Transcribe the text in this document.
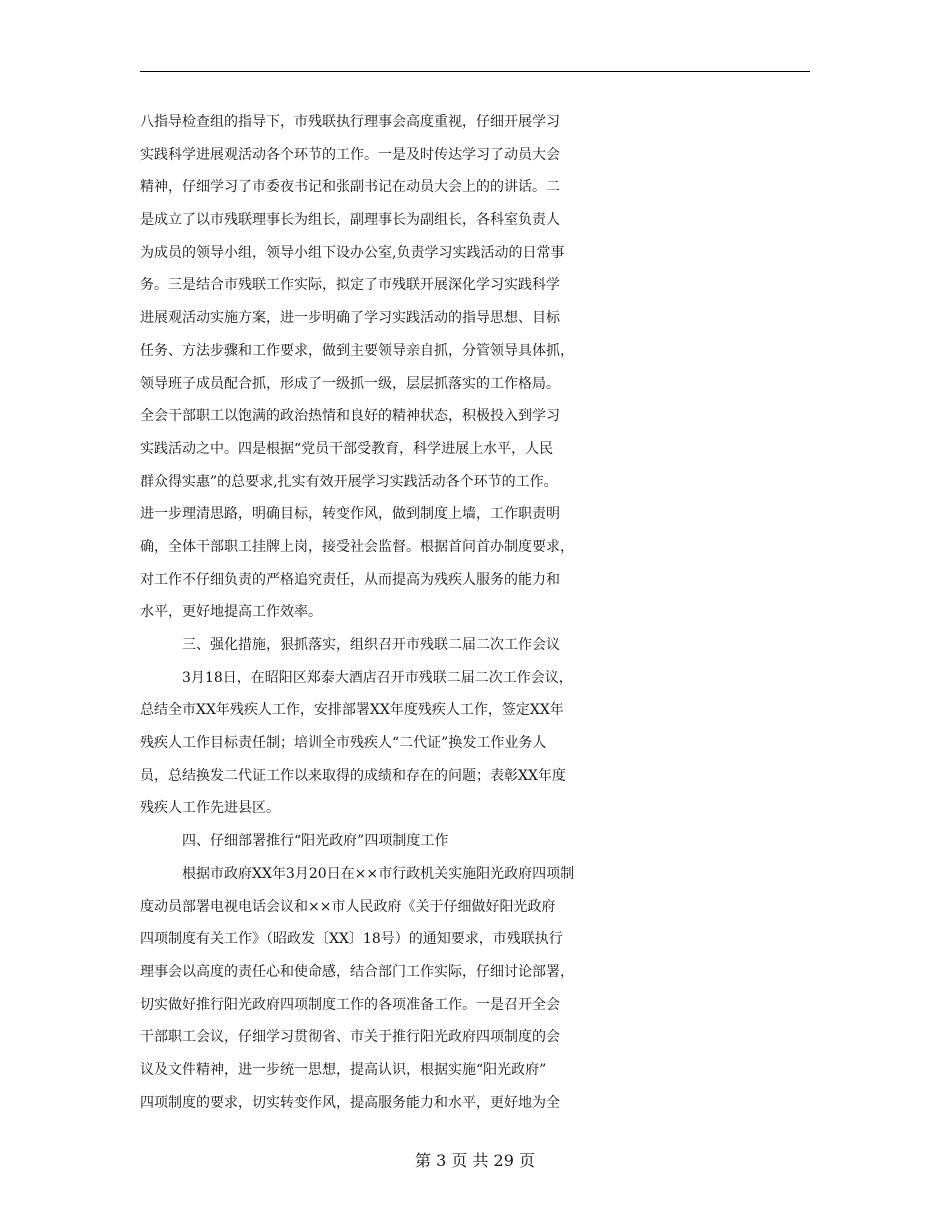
八指导检查组的指导下，市残联执行理事会高度重视，仔细开展学习
实践科学进展观活动各个环节的工作。一是及时传达学习了动员大会
精神，仔细学习了市委夜书记和张副书记在动员大会上的的讲话。二
是成立了以市残联理事长为组长，副理事长为副组长，各科室负责人
为成员的领导小组，领导小组下设办公室,负责学习实践活动的日常事
务。三是结合市残联工作实际，拟定了市残联开展深化学习实践科学
进展观活动实施方案，进一步明确了学习实践活动的指导思想、目标
任务、方法步骤和工作要求，做到主要领导亲自抓，分管领导具体抓，
领导班子成员配合抓，形成了一级抓一级，层层抓落实的工作格局。
全会干部职工以饱满的政治热情和良好的精神状态，积极投入到学习
实践活动之中。四是根据“党员干部受教育，科学进展上水平，人民
群众得实惠”的总要求,扎实有效开展学习实践活动各个环节的工作。
进一步理清思路，明确目标，转变作风，做到制度上墙，工作职责明
确，全体干部职工挂牌上岗，接受社会监督。根据首问首办制度要求，
对工作不仔细负责的严格追究责任，从而提高为残疾人服务的能力和
水平，更好地提高工作效率。
三、强化措施，狠抓落实，组织召开市残联二届二次工作会议
3月18日，在昭阳区郑泰大酒店召开市残联二届二次工作会议，
总结全市XX年残疾人工作，安排部署XX年度残疾人工作，签定XX年
残疾人工作目标责任制；培训全市残疾人“二代证”换发工作业务人
员，总结换发二代证工作以来取得的成绩和存在的问题；表彰XX年度
残疾人工作先进县区。
四、仔细部署推行“阳光政府”四项制度工作
根据市政府XX年3月20日在××市行政机关实施阳光政府四项制
度动员部署电视电话会议和××市人民政府《关于仔细做好阳光政府
四项制度有关工作》（昭政发〔XX〕18号）的通知要求，市残联执行
理事会以高度的责任心和使命感，结合部门工作实际，仔细讨论部署，
切实做好推行阳光政府四项制度工作的各项准备工作。一是召开全会
干部职工会议，仔细学习贯彻省、市关于推行阳光政府四项制度的会
议及文件精神，进一步统一思想，提高认识，根据实施“阳光政府”
四项制度的要求，切实转变作风，提高服务能力和水平，更好地为全
第 3 页 共 29 页
